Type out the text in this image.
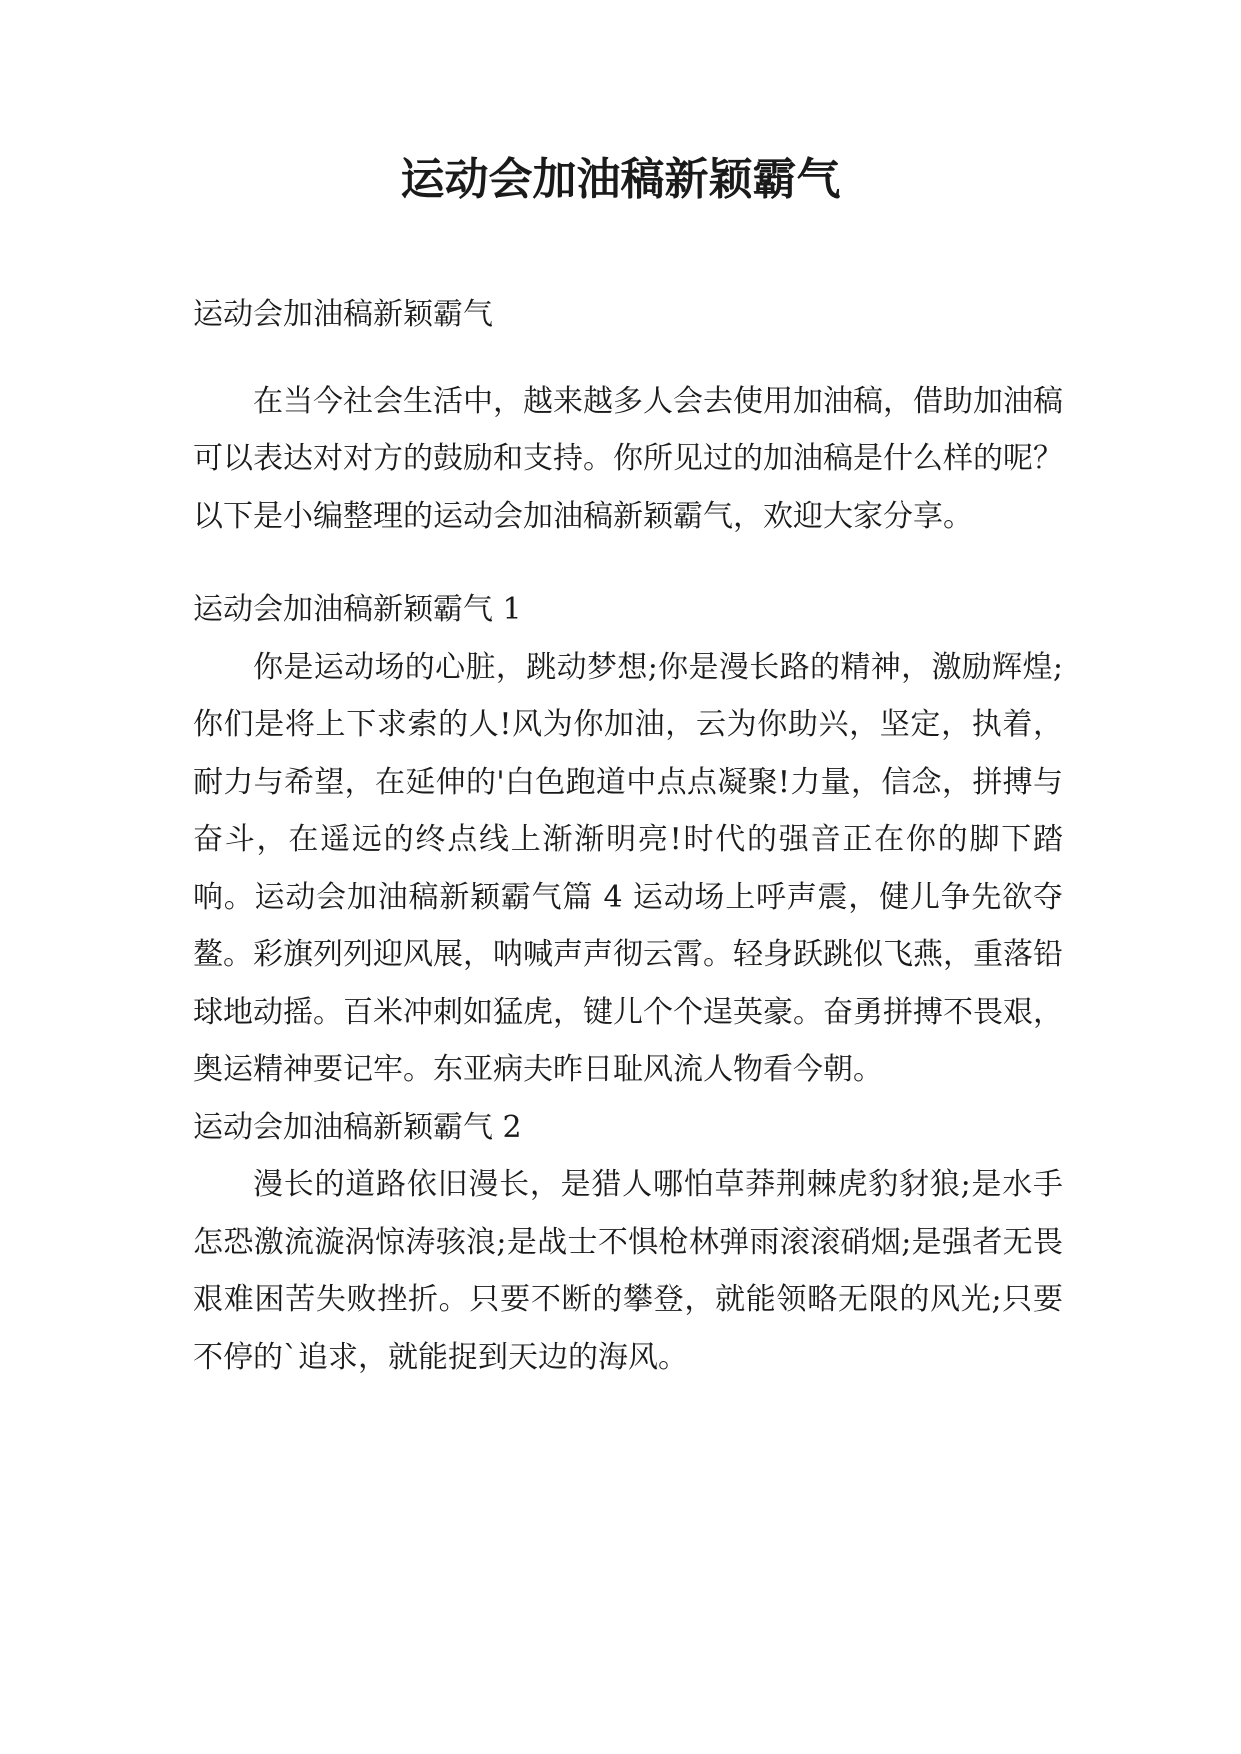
运动会加油稿新颖霸气

运动会加油稿新颖霸气

在当今社会生活中，越来越多人会去使用加油稿，借助加油稿可以表达对对方的鼓励和支持。你所见过的加油稿是什么样的呢？以下是小编整理的运动会加油稿新颖霸气，欢迎大家分享。

运动会加油稿新颖霸气 1

你是运动场的心脏，跳动梦想;你是漫长路的精神，激励辉煌;你们是将上下求索的人!风为你加油，云为你助兴，坚定，执着，耐力与希望，在延伸的'白色跑道中点点凝聚!力量，信念，拼搏与奋斗，在遥远的终点线上渐渐明亮!时代的强音正在你的脚下踏响。运动会加油稿新颖霸气篇 4 运动场上呼声震，健儿争先欲夺鳌。彩旗列列迎风展，呐喊声声彻云霄。轻身跃跳似飞燕，重落铅球地动摇。百米冲刺如猛虎，键儿个个逞英豪。奋勇拼搏不畏艰，奥运精神要记牢。东亚病夫昨日耻风流人物看今朝。

运动会加油稿新颖霸气 2

漫长的道路依旧漫长，是猎人哪怕草莽荆棘虎豹豺狼;是水手怎恐激流漩涡惊涛骇浪;是战士不惧枪林弹雨滚滚硝烟;是强者无畏艰难困苦失败挫折。只要不断的攀登，就能领略无限的风光;只要不停的`追求，就能捉到天边的海风。
